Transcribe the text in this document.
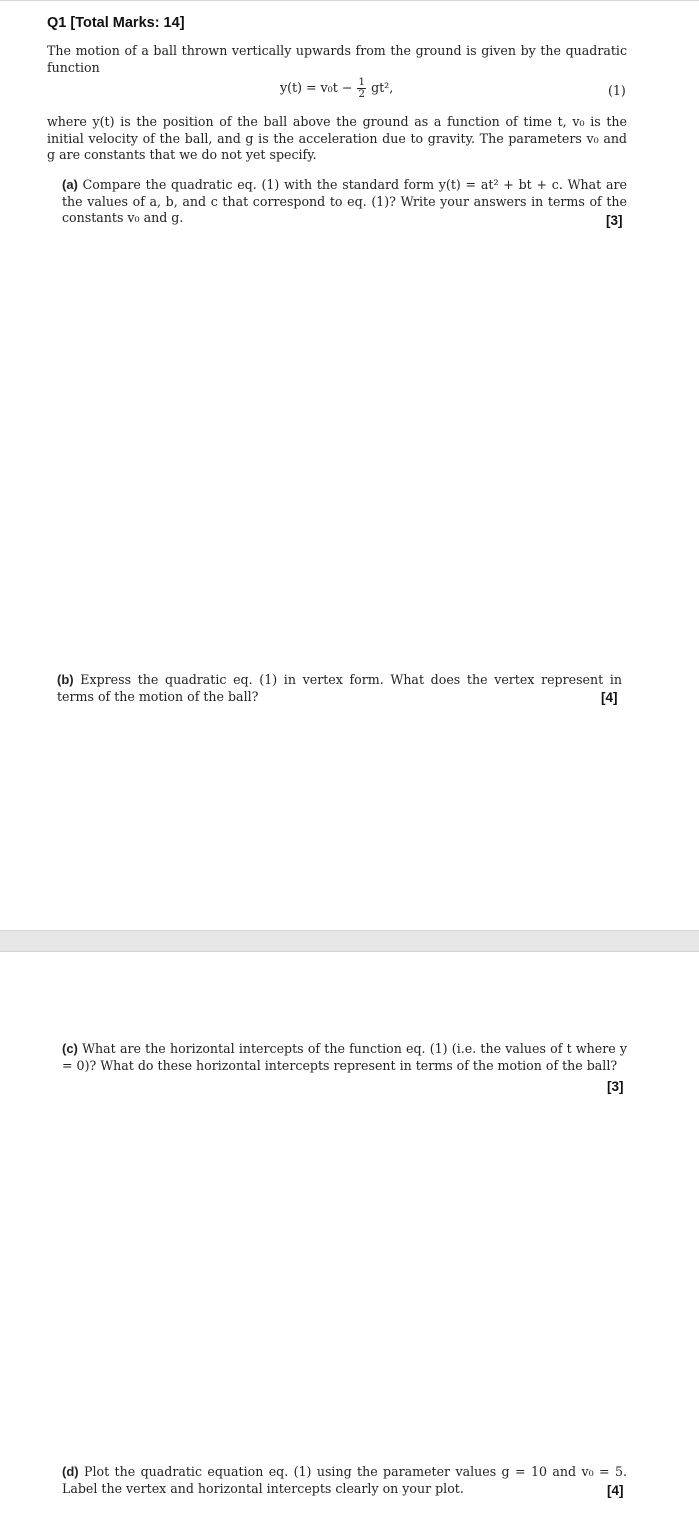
Q1 [Total Marks: 14]
The motion of a ball thrown vertically upwards from the ground is given by the quadratic function
$y(t) = v_0t - \frac{1}{2} gt^2$,	(1)
where y(t) is the position of the ball above the ground as a function of time t, v₀ is the initial velocity of the ball, and g is the acceleration due to gravity. The parameters v₀ and g are constants that we do not yet specify.
(a) Compare the quadratic eq. (1) with the standard form y(t) = at² + bt + c. What are the values of a, b, and c that correspond to eq. (1)? Write your answers in terms of the constants v₀ and g.	[3]
(b) Express the quadratic eq. (1) in vertex form. What does the vertex represent in terms of the motion of the ball?	[4]
(c) What are the horizontal intercepts of the function eq. (1) (i.e. the values of t where y = 0)? What do these horizontal intercepts represent in terms of the motion of the ball?
[3]
(d) Plot the quadratic equation eq. (1) using the parameter values g = 10 and v₀ = 5. Label the vertex and horizontal intercepts clearly on your plot.	[4]
